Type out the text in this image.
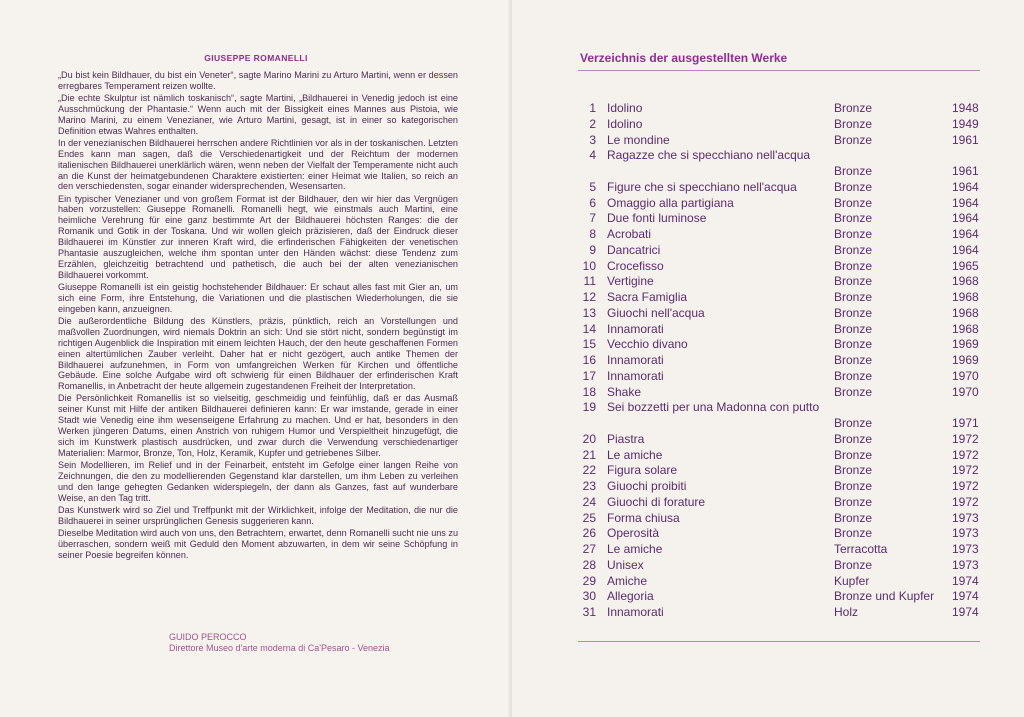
GIUSEPPE ROMANELLI

„Du bist kein Bildhauer, du bist ein Veneter“, sagte Marino Marini zu Arturo Martini, wenn er dessen erregbares Temperament reizen wollte.

„Die echte Skulptur ist nämlich toskanisch“, sagte Martini, „Bildhauerei in Venedig jedoch ist eine Ausschmückung der Phantasie.“ Wenn auch mit der Bissigkeit eines Mannes aus Pistoia, wie Marino Marini, zu einem Venezianer, wie Arturo Martini, gesagt, ist in einer so kategorischen Definition etwas Wahres enthalten.

In der venezianischen Bildhauerei herrschen andere Richtlinien vor als in der toskanischen. Letzten Endes kann man sagen, daß die Verschiedenartigkeit und der Reichtum der modernen italienischen Bildhauerei unerklärlich wären, wenn neben der Vielfalt der Temperamente nicht auch an die Kunst der heimatgebundenen Charaktere existierten: einer Heimat wie Italien, so reich an den verschiedensten, sogar einander widersprechenden, Wesensarten.

Ein typischer Venezianer und von großem Format ist der Bildhauer, den wir hier das Vergnügen haben vorzustellen: Giuseppe Romanelli. Romanelli hegt, wie einstmals auch Martini, eine heimliche Verehrung für eine ganz bestimmte Art der Bildhauerei höchsten Ranges: die der Romanik und Gotik in der Toskana. Und wir wollen gleich präzisieren, daß der Eindruck dieser Bildhauerei im Künstler zur inneren Kraft wird, die erfinderischen Fähigkeiten der venetischen Phantasie auszugleichen, welche ihm spontan unter den Händen wächst: diese Tendenz zum Erzählen, gleichzeitig betrachtend und pathetisch, die auch bei der alten venezianischen Bildhauerei vorkommt.

Giuseppe Romanelli ist ein geistig hochstehender Bildhauer: Er schaut alles fast mit Gier an, um sich eine Form, ihre Entstehung, die Variationen und die plastischen Wiederholungen, die sie eingeben kann, anzueignen.

Die außerordentliche Bildung des Künstlers, präzis, pünktlich, reich an Vorstellungen und maßvollen Zuordnungen, wird niemals Doktrin an sich: Und sie stört nicht, sondern begünstigt im richtigen Augenblick die Inspiration mit einem leichten Hauch, der den heute geschaffenen Formen einen altertümlichen Zauber verleiht. Daher hat er nicht gezögert, auch antike Themen der Bildhauerei aufzunehmen, in Form von umfangreichen Werken für Kirchen und öffentliche Gebäude. Eine solche Aufgabe wird oft schwierig für einen Bildhauer der erfinderischen Kraft Romanellis, in Anbetracht der heute allgemein zugestandenen Freiheit der Interpretation.

Die Persönlichkeit Romanellis ist so vielseitig, geschmeidig und feinfühlig, daß er das Ausmaß seiner Kunst mit Hilfe der antiken Bildhauerei definieren kann: Er war imstande, gerade in einer Stadt wie Venedig eine ihm wesenseigene Erfahrung zu machen. Und er hat, besonders in den Werken jüngeren Datums, einen Anstrich von ruhigem Humor und Verspieltheit hinzugefügt, die sich im Kunstwerk plastisch ausdrücken, und zwar durch die Verwendung verschiedenartiger Materialien: Marmor, Bronze, Ton, Holz, Keramik, Kupfer und getriebenes Silber.

Sein Modellieren, im Relief und in der Feinarbeit, entsteht im Gefolge einer langen Reihe von Zeichnungen, die den zu modellierenden Gegenstand klar darstellen, um ihm Leben zu verleihen und den lange gehegten Gedanken widerspiegeln, der dann als Ganzes, fast auf wunderbare Weise, an den Tag tritt.

Das Kunstwerk wird so Ziel und Treffpunkt mit der Wirklichkeit, infolge der Meditation, die nur die Bildhauerei in seiner ursprünglichen Genesis suggerieren kann.

Dieselbe Meditation wird auch von uns, den Betrachtern, erwartet, denn Romanelli sucht nie uns zu überraschen, sondern weiß mit Geduld den Moment abzuwarten, in dem wir seine Schöpfung in seiner Poesie begreifen können.

GUIDO PEROCCO
Direttore Museo d'arte moderna di Ca'Pesaro - Venezia
Verzeichnis der ausgestellten Werke
1 Idolino	Bronze	1948
2 Idolino	Bronze	1949
3 Le mondine	Bronze	1961
4 Ragazze che si specchiano nell'acqua
Bronze	1961
5 Figure che si specchiano nell'acqua	Bronze	1964
6 Omaggio alla partigiana	Bronze	1964
7 Due fonti luminose	Bronze	1964
8 Acrobati	Bronze	1964
9 Dancatrici	Bronze	1964
10 Crocefisso	Bronze	1965
11 Vertigine	Bronze	1968
12 Sacra Famiglia	Bronze	1968
13 Giuochi nell'acqua	Bronze	1968
14 Innamorati	Bronze	1968
15 Vecchio divano	Bronze	1969
16 Innamorati	Bronze	1969
17 Innamorati	Bronze	1970
18 Shake	Bronze	1970
19 Sei bozzetti per una Madonna con putto
Bronze	1971
20 Piastra	Bronze	1972
21 Le amiche	Bronze	1972
22 Figura solare	Bronze	1972
23 Giuochi proibiti	Bronze	1972
24 Giuochi di forature	Bronze	1972
25 Forma chiusa	Bronze	1973
26 Operosità	Bronze	1973
27 Le amiche	Terracotta	1973
28 Unisex	Bronze	1973
29 Amiche	Kupfer	1974
30 Allegoria	Bronze und Kupfer 1974
31 Innamorati	Holz	1974
